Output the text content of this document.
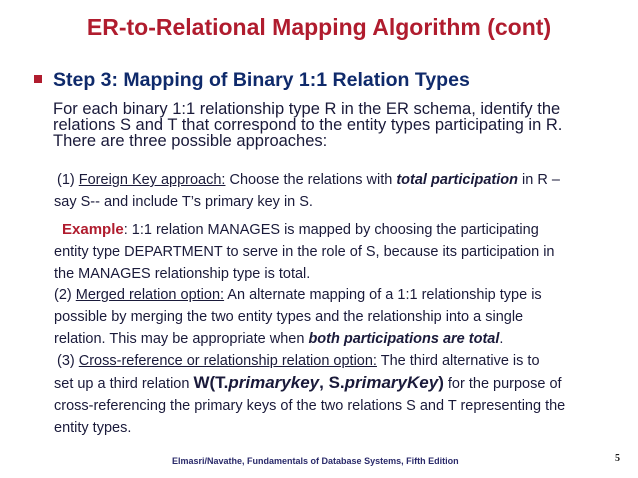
ER-to-Relational Mapping Algorithm (cont)
Step 3: Mapping of Binary 1:1 Relation Types
For each binary 1:1 relationship type R in the ER schema, identify the
relations S and T that correspond to the entity types participating in R.
There are three possible approaches:
(1) Foreign Key approach: Choose the relations with total participation in R –
say S-- and include T’s primary key in S.
Example: 1:1 relation MANAGES is mapped by choosing the participating
entity type DEPARTMENT to serve in the role of S, because its participation in
the MANAGES relationship type is total.
(2) Merged relation option: An alternate mapping of a 1:1 relationship type is
possible by merging the two entity types and the relationship into a single
relation. This may be appropriate when both participations are total.
(3) Cross-reference or relationship relation option: The third alternative is to
set up a third relation W(T.primarykey, S.primaryKey) for the purpose of
cross-referencing the primary keys of the two relations S and T representing the
entity types.
Elmasri/Navathe, Fundamentals of Database Systems, Fifth Edition	5
